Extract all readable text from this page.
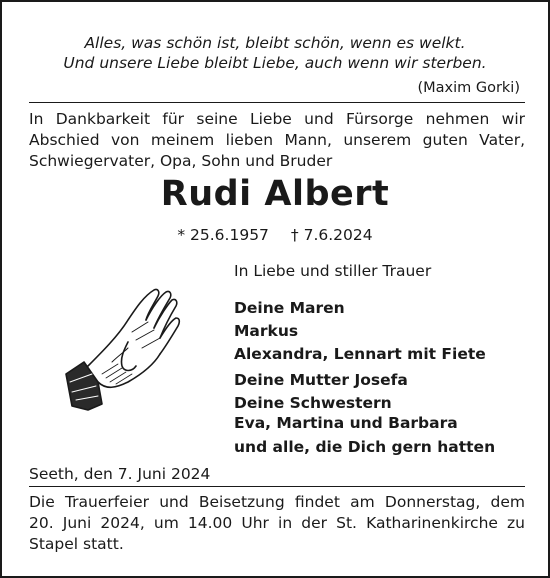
Alles, was schön ist, bleibt schön, wenn es welkt.
Und unsere Liebe bleibt Liebe, auch wenn wir sterben.
(Maxim Gorki)
In Dankbarkeit für seine Liebe und Fürsorge nehmen wir
Abschied von meinem lieben Mann, unserem guten Vater,
Schwiegervater, Opa, Sohn und Bruder
Rudi Albert
* 25.6.1957 † 7.6.2024
In Liebe und stiller Trauer
Deine Maren
Markus
Alexandra, Lennart mit Fiete
Deine Mutter Josefa
Deine Schwestern
Eva, Martina und Barbara
und alle, die Dich gern hatten
Seeth, den 7. Juni 2024
Die Trauerfeier und Beisetzung findet am Donnerstag, dem
20. Juni 2024, um 14.00 Uhr in der St. Katharinenkirche zu
Stapel statt.
